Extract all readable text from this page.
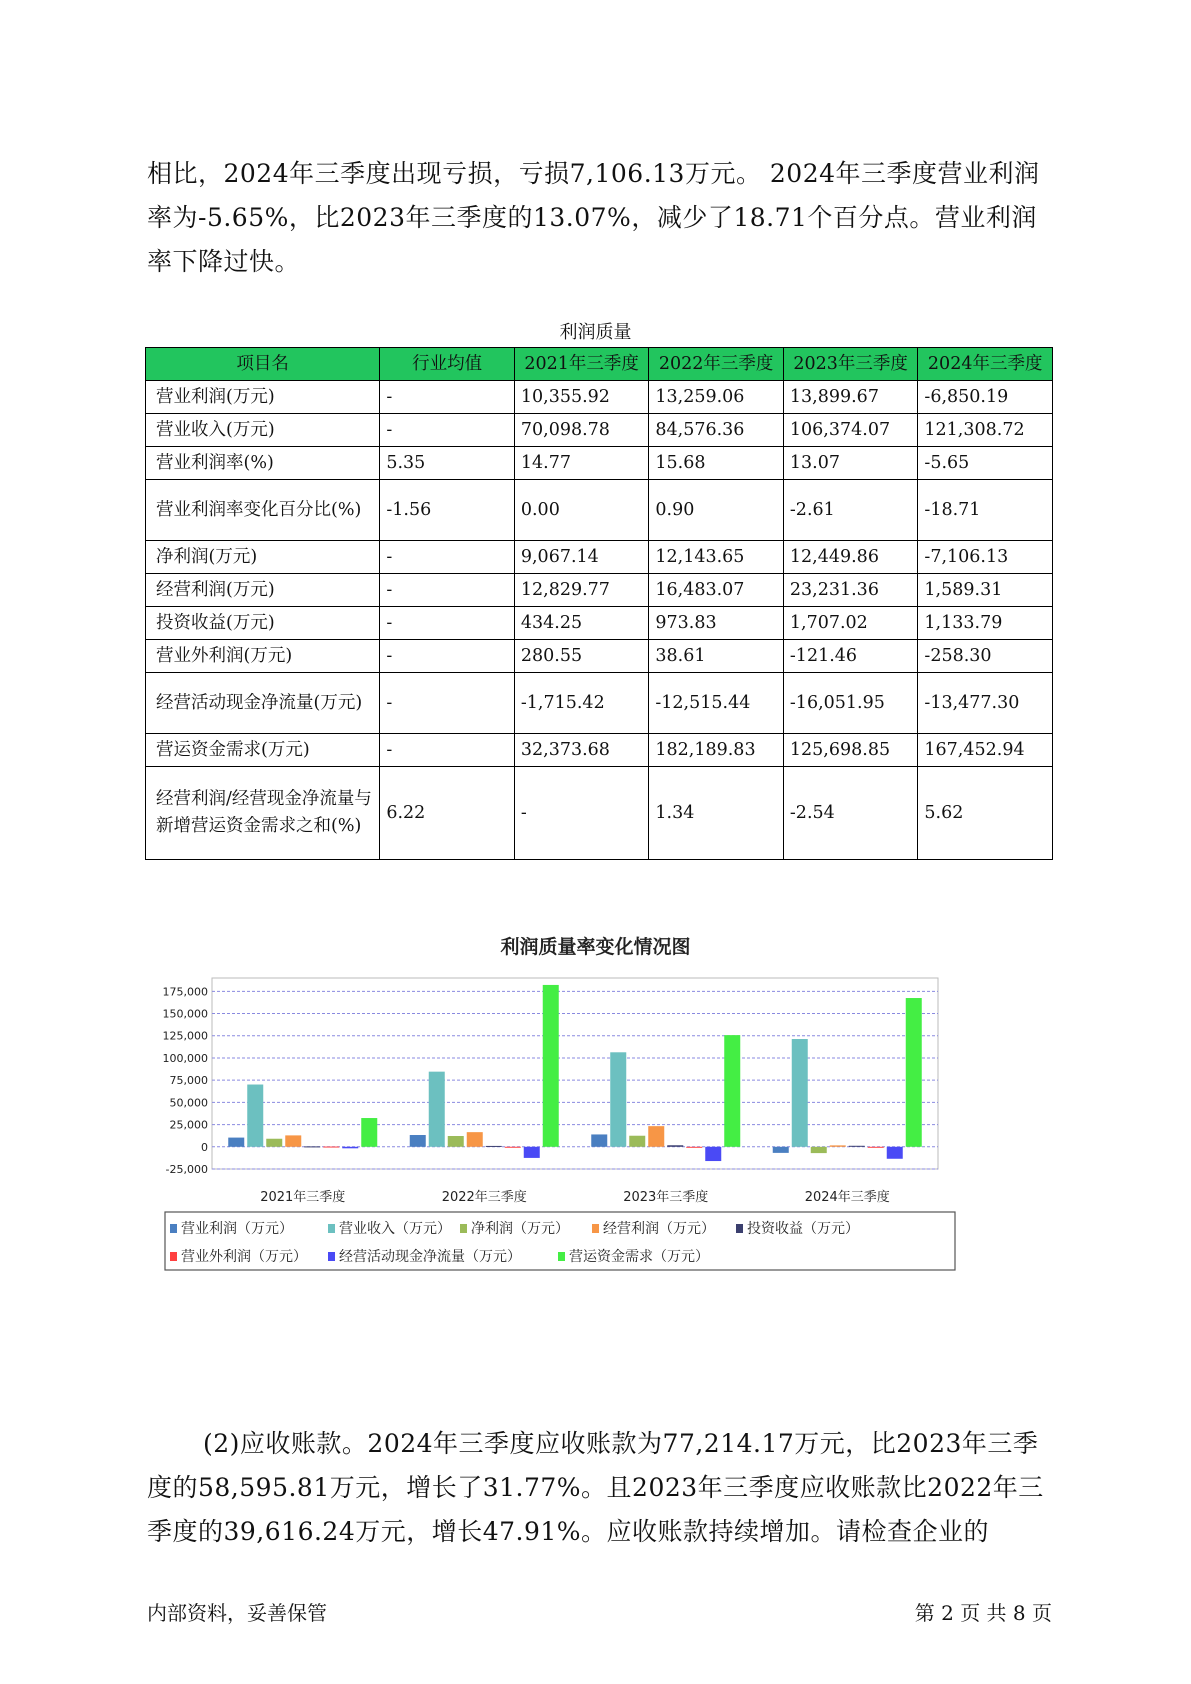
相比，2024年三季度出现亏损，亏损7,106.13万元。 2024年三季度营业利润率为-5.65%，比2023年三季度的13.07%，减少了18.71个百分点。营业利润率下降过快。

利润质量
项目名	行业均值	2021年三季度	2022年三季度	2023年三季度	2024年三季度
营业利润(万元)	-	10,355.92	13,259.06	13,899.67	-6,850.19
营业收入(万元)	-	70,098.78	84,576.36	106,374.07	121,308.72
营业利润率(%)	5.35	14.77	15.68	13.07	-5.65
营业利润率变化百分比(%)	-1.56	0.00	0.90	-2.61	-18.71
净利润(万元)	-	9,067.14	12,143.65	12,449.86	-7,106.13
经营利润(万元)	-	12,829.77	16,483.07	23,231.36	1,589.31
投资收益(万元)	-	434.25	973.83	1,707.02	1,133.79
营业外利润(万元)	-	280.55	38.61	-121.46	-258.30
经营活动现金净流量(万元)	-	-1,715.42	-12,515.44	-16,051.95	-13,477.30
营运资金需求(万元)	-	32,373.68	182,189.83	125,698.85	167,452.94
经营利润/经营现金净流量与新增营运资金需求之和(%)	6.22	-	1.34	-2.54	5.62
利润质量率变化情况图
-25,000
0
25,000
50,000
75,000
100,000
125,000
150,000
175,000
2021年三季度	2022年三季度	2023年三季度	2024年三季度
营业利润（万元）	营业收入（万元） 净利润（万元） 经营利润（万元） 投资收益（万元）
营业外利润（万元） 经营活动现金净流量（万元）	营运资金需求（万元）

(2)应收账款。2024年三季度应收账款为77,214.17万元，比2023年三季度的58,595.81万元，增长了31.77%。且2023年三季度应收账款比2022年三季度的39,616.24万元，增长47.91%。应收账款持续增加。请检查企业的

内部资料，妥善保管	第 2 页 共 8 页
